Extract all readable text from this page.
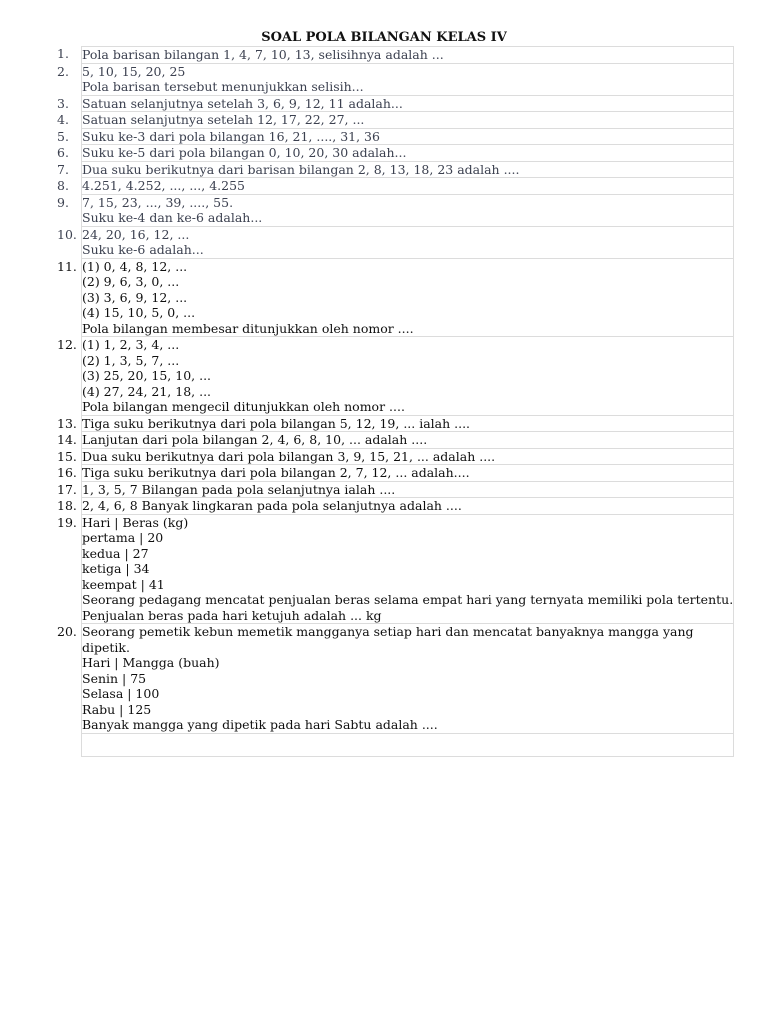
SOAL POLA BILANGAN KELAS IV
1.	Pola barisan bilangan 1, 4, 7, 10, 13, selisihnya adalah ...
2.	5, 10, 15, 20, 25
Pola barisan tersebut menunjukkan selisih...
3.	Satuan selanjutnya setelah 3, 6, 9, 12, 11 adalah...
4.	Satuan selanjutnya setelah 12, 17, 22, 27, ...
5.	Suku ke-3 dari pola bilangan 16, 21, ...., 31, 36
6.	Suku ke-5 dari pola bilangan 0, 10, 20, 30 adalah...
7.	Dua suku berikutnya dari barisan bilangan 2, 8, 13, 18, 23 adalah ....
8.	4.251, 4.252, ..., ..., 4.255
9.	7, 15, 23, ..., 39, ...., 55.
Suku ke-4 dan ke-6 adalah...
10. 24, 20, 16, 12, ...
Suku ke-6 adalah...
11. (1) 0, 4, 8, 12, ...
(2) 9, 6, 3, 0, ...
(3) 3, 6, 9, 12, ...
(4) 15, 10, 5, 0, ...
Pola bilangan membesar ditunjukkan oleh nomor ....
12. (1) 1, 2, 3, 4, ...
(2) 1, 3, 5, 7, ...
(3) 25, 20, 15, 10, ...
(4) 27, 24, 21, 18, ...
Pola bilangan mengecil ditunjukkan oleh nomor ....
13. Tiga suku berikutnya dari pola bilangan 5, 12, 19, ... ialah ....
14. Lanjutan dari pola bilangan 2, 4, 6, 8, 10, ... adalah ....
15. Dua suku berikutnya dari pola bilangan 3, 9, 15, 21, ... adalah ....
16. Tiga suku berikutnya dari pola bilangan 2, 7, 12, ... adalah....
17. 1, 3, 5, 7 Bilangan pada pola selanjutnya ialah ....
18. 2, 4, 6, 8 Banyak lingkaran pada pola selanjutnya adalah ....
19. Hari | Beras (kg)
pertama | 20
kedua | 27
ketiga | 34
keempat | 41
Seorang pedagang mencatat penjualan beras selama empat hari yang ternyata memiliki pola tertentu.
Penjualan beras pada hari ketujuh adalah ... kg
20. Seorang pemetik kebun memetik mangganya setiap hari dan mencatat banyaknya mangga yang dipetik.
Hari | Mangga (buah)
Senin | 75
Selasa | 100
Rabu | 125
Banyak mangga yang dipetik pada hari Sabtu adalah ....
